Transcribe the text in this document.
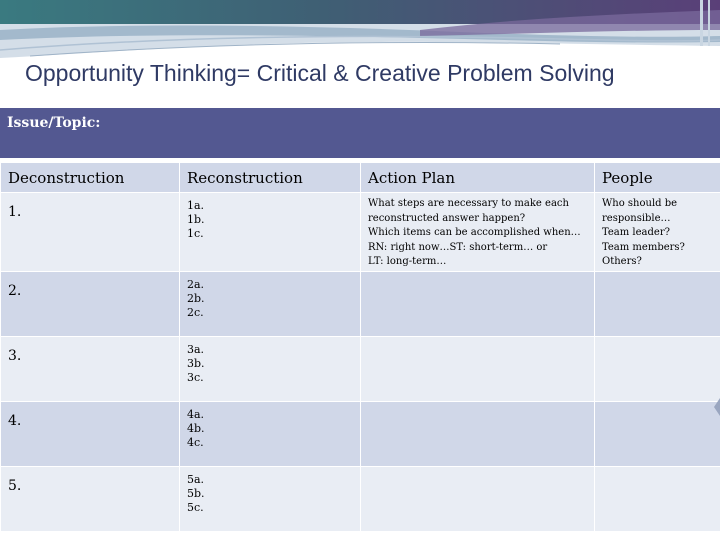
Opportunity Thinking= Critical & Creative Problem Solving
Issue/Topic:
Deconstruction	Reconstruction	Action Plan	People

1.	1a.
1b.
1c.	What steps are necessary to make each
reconstructed answer happen?
Which items can be accomplished when…
RN: right now…ST: short-term… or
LT: long-term…	Who should be
responsible…
Team leader?
Team members?
Others?

2.	2a.
2b.
2c.		

3.	3a.
3b.
3c.		

4.	4a.
4b.
4c.		

5.	5a.
5b.
5c.		
